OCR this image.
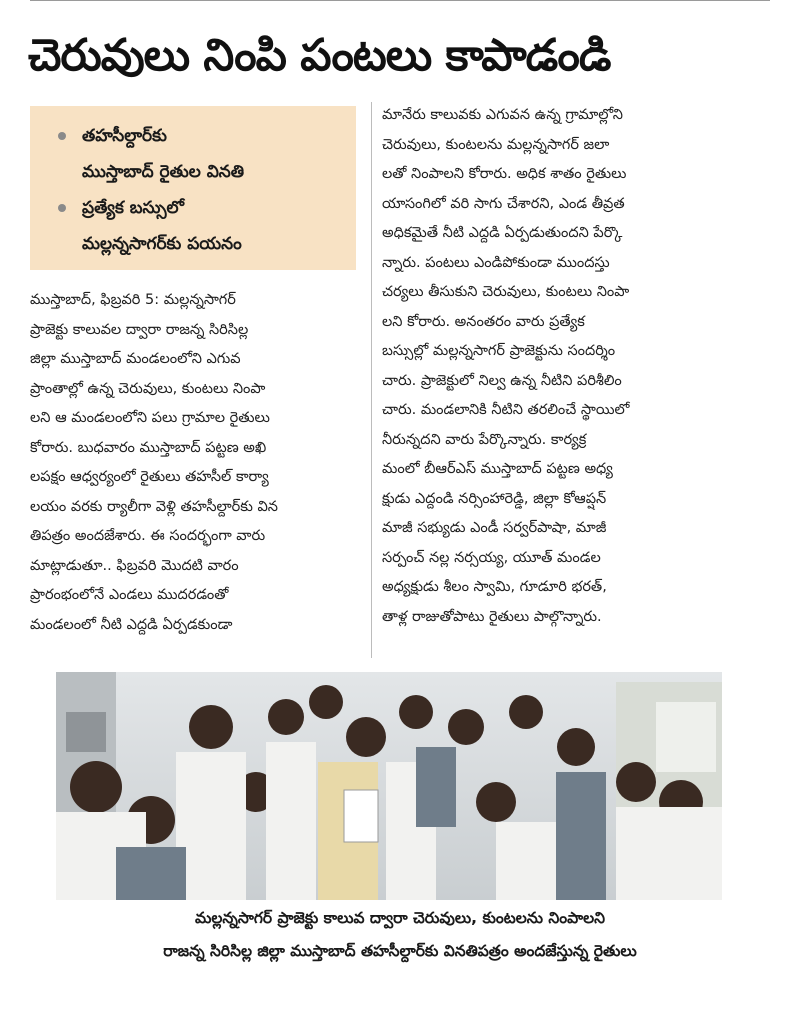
చెరువులు నింపి పంటలు కాపాడండి
తహసీల్దార్‌కు
ముస్తాబాద్ రైతుల వినతి
ప్రత్యేక బస్సులో
మల్లన్నసాగర్‌కు పయనం
ముస్తాబాద్, ఫిబ్రవరి 5: మల్లన్నసాగర్
ప్రాజెక్టు కాలువల ద్వారా రాజన్న సిరిసిల్ల
జిల్లా ముస్తాబాద్ మండలంలోని ఎగువ
ప్రాంతాల్లో ఉన్న చెరువులు, కుంటలు నింపా
లని ఆ మండలంలోని పలు గ్రామాల రైతులు
కోరారు. బుధవారం ముస్తాబాద్ పట్టణ అఖి
లపక్షం ఆధ్వర్యంలో రైతులు తహసీల్ కార్యా
లయం వరకు ర్యాలీగా వెళ్లి తహసీల్దార్‌కు విన
తిపత్రం అందజేశారు. ఈ సందర్భంగా వారు
మాట్లాడుతూ.. ఫిబ్రవరి మొదటి వారం
ప్రారంభంలోనే ఎండలు ముదరడంతో
మండలంలో నీటి ఎద్దడి ఏర్పడకుండా
మానేరు కాలువకు ఎగువన ఉన్న గ్రామాల్లోని
చెరువులు, కుంటలను మల్లన్నసాగర్ జలా
లతో నింపాలని కోరారు. అధిక శాతం రైతులు
యాసంగిలో వరి సాగు చేశారని, ఎండ తీవ్రత
అధికమైతే నీటి ఎద్దడి ఏర్పడుతుందని పేర్కొ
న్నారు. పంటలు ఎండిపోకుండా ముందస్తు
చర్యలు తీసుకుని చెరువులు, కుంటలు నింపా
లని కోరారు. అనంతరం వారు ప్రత్యేక
బస్సుల్లో మల్లన్నసాగర్ ప్రాజెక్టును సందర్శిం
చారు. ప్రాజెక్టులో నిల్వ ఉన్న నీటిని పరిశీలిం
చారు. మండలానికి నీటిని తరలించే స్థాయిలో
నీరున్నదని వారు పేర్కొన్నారు. కార్యక్ర
మంలో బీఆర్ఎస్ ముస్తాబాద్ పట్టణ అధ్య
క్షుడు ఎద్దండి నర్సింహారెడ్డి, జిల్లా కోఆప్షన్
మాజీ సభ్యుడు ఎండీ సర్వర్‌పాషా, మాజీ
సర్పంచ్ నల్ల నర్సయ్య, యూత్ మండల
అధ్యక్షుడు శీలం స్వామి, గూడూరి భరత్,
తాళ్ల రాజుతోపాటు రైతులు పాల్గొన్నారు.
మల్లన్నసాగర్ ప్రాజెక్టు కాలువ ద్వారా చెరువులు, కుంటలను నింపాలని
రాజన్న సిరిసిల్ల జిల్లా ముస్తాబాద్ తహసీల్దార్‌కు వినతిపత్రం అందజేస్తున్న రైతులు
